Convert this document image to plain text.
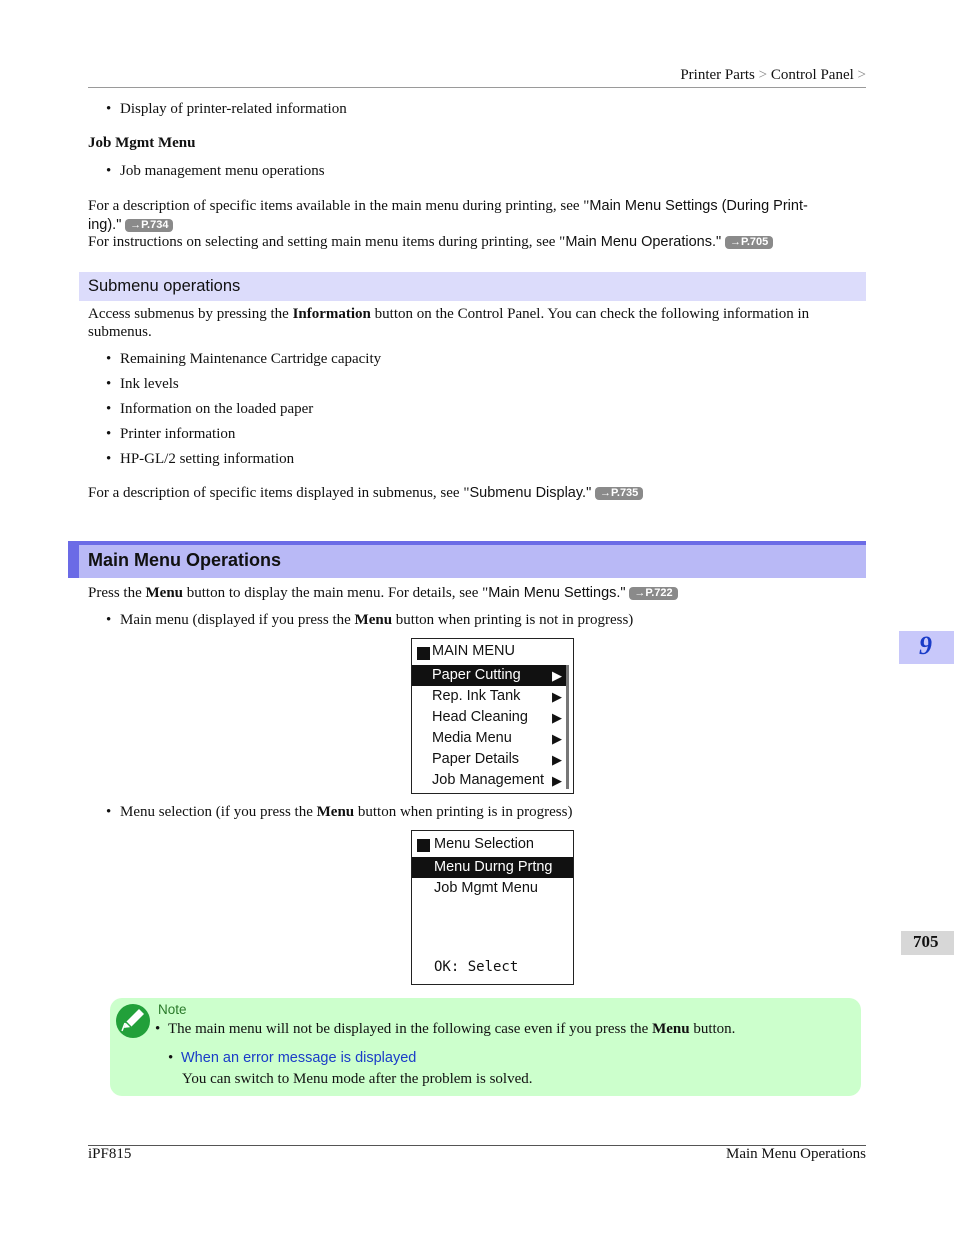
Printer Parts > Control Panel >
• Display of printer-related information
Job Mgmt Menu
• Job management menu operations
For a description of specific items available in the main menu during printing, see "Main Menu Settings (During Print-
ing)." →P.734
For instructions on selecting and setting main menu items during printing, see "Main Menu Operations." →P.705
Submenu operations
Access submenus by pressing the Information button on the Control Panel. You can check the following information in
submenus.
• Remaining Maintenance Cartridge capacity
• Ink levels
• Information on the loaded paper
• Printer information
• HP-GL/2 setting information
For a description of specific items displayed in submenus, see "Submenu Display." →P.735
Main Menu Operations
Press the Menu button to display the main menu. For details, see "Main Menu Settings." →P.722
• Main menu (displayed if you press the Menu button when printing is not in progress)
MAIN MENU
Paper Cutting ▶
Rep. Ink Tank ▶
Head Cleaning ▶
Media Menu	▶
Paper Details	▶
Job Management ▶
• Menu selection (if you press the Menu button when printing is in progress)
Menu Selection
Menu Durng Prtng
Job Mgmt Menu
OK: Select
Note
• The main menu will not be displayed in the following case even if you press the Menu button.
• When an error message is displayed
You can switch to Menu mode after the problem is solved.
9
705
iPF815	Main Menu Operations
